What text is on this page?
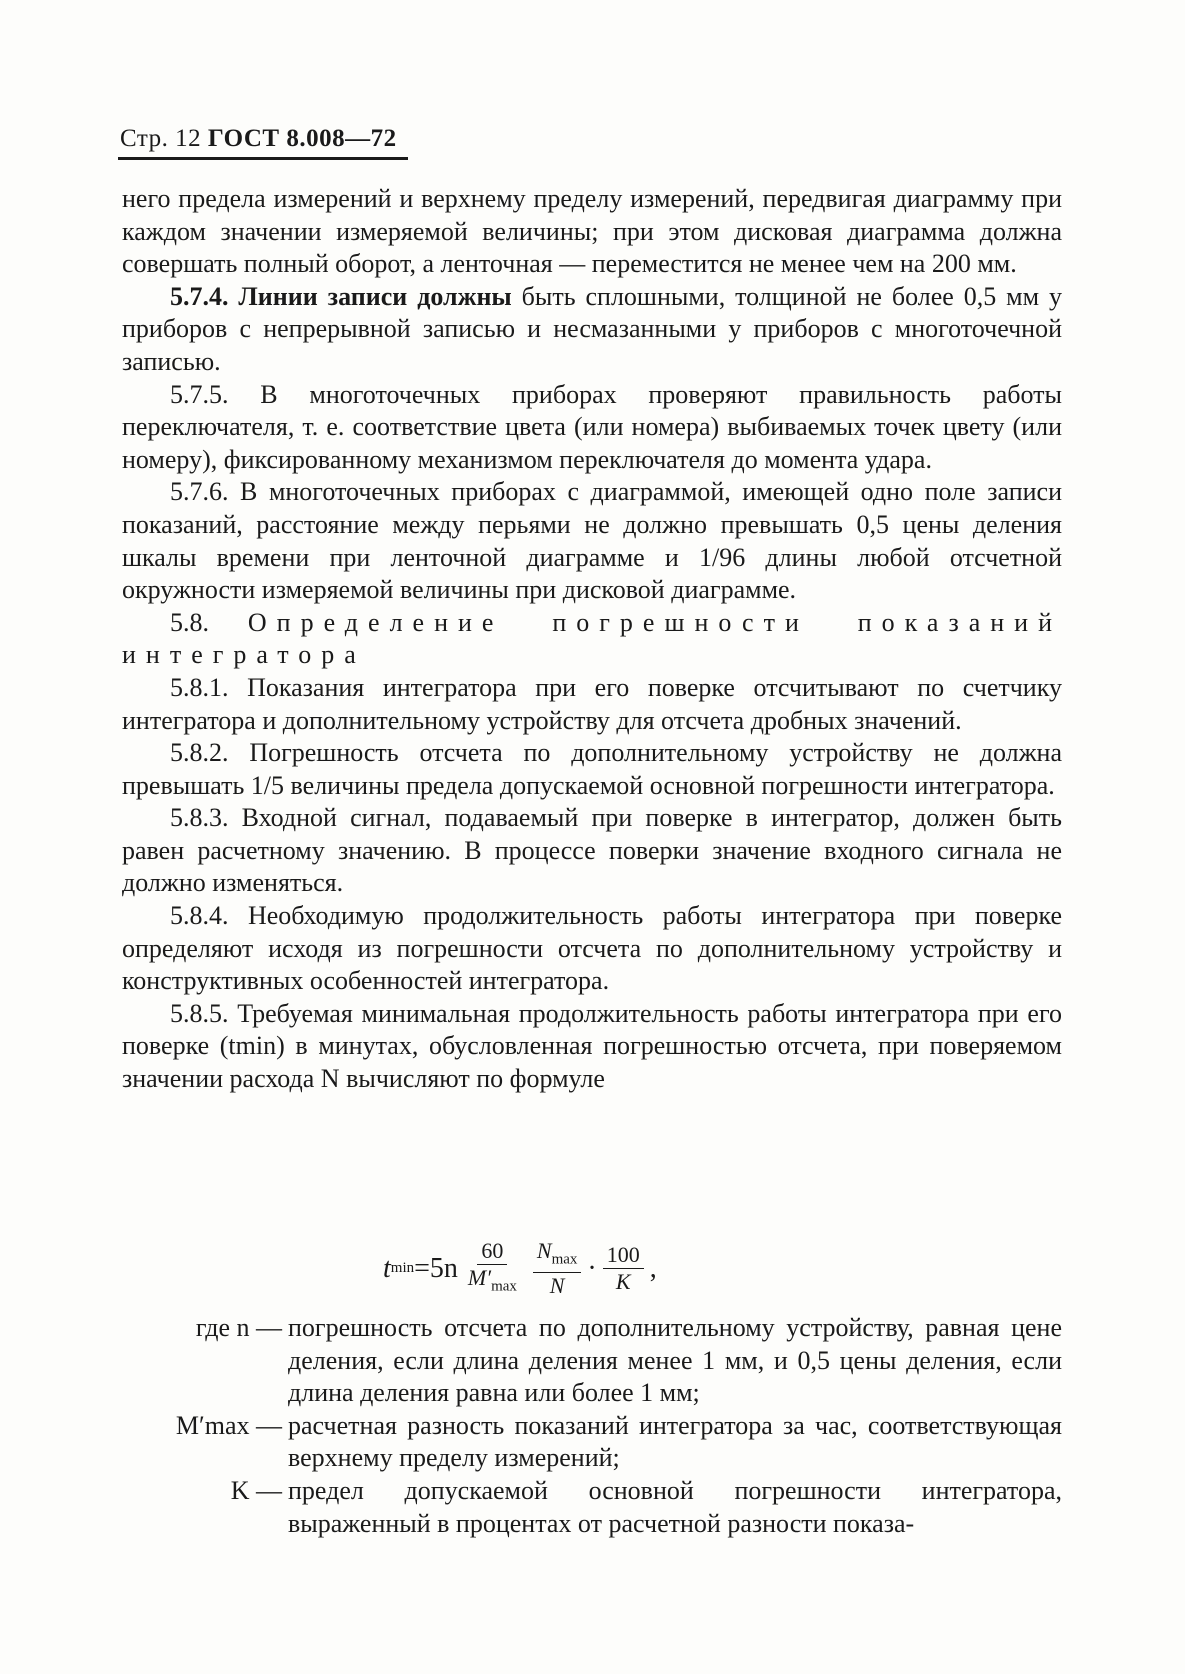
Стр. 12 ГОСТ 8.008—72

него предела измерений и верхнему пределу измерений, передвигая диаграмму при каждом значении измеряемой величины; при этом дисковая диаграмма должна совершать полный оборот, а ленточная — переместится не менее чем на 200 мм.

5.7.4. Линии записи должны быть сплошными, толщиной не более 0,5 мм у приборов с непрерывной записью и несмазанными у приборов с многоточечной записью.

5.7.5. В многоточечных приборах проверяют правильность работы переключателя, т. е. соответствие цвета (или номера) выбиваемых точек цвету (или номеру), фиксированному механизмом переключателя до момента удара.

5.7.6. В многоточечных приборах с диаграммой, имеющей одно поле записи показаний, расстояние между перьями не должно превышать 0,5 цены деления шкалы времени при ленточной диаграмме и 1/96 длины любой отсчетной окружности измеряемой величины при дисковой диаграмме.

5.8. Определение погрешности показаний интегратора

5.8.1. Показания интегратора при его поверке отсчитывают по счетчику интегратора и дополнительному устройству для отсчета дробных значений.

5.8.2. Погрешность отсчета по дополнительному устройству не должна превышать 1/5 величины предела допускаемой основной погрешности интегратора.

5.8.3. Входной сигнал, подаваемый при поверке в интегратор, должен быть равен расчетному значению. В процессе поверки значение входного сигнала не должно изменяться.

5.8.4. Необходимую продолжительность работы интегратора при поверке определяют исходя из погрешности отсчета по дополнительному устройству и конструктивных особенностей интегратора.

5.8.5. Требуемая минимальная продолжительность работы интегратора при его поверке (tmin) в минутах, обусловленная погрешностью отсчета, при поверяемом значении расхода N вычисляют по формуле

t $\min =5n \frac{60}{M'_{max}} \frac{N_{max}}{N} \cdot \frac{100}{K}$ ,
где n — погрешность отсчета по дополнительному устройству, равная цене деления, если длина деления менее 1 мм, и 0,5 цены деления, если длина деления равна или более 1 мм;
M′max — расчетная разность показаний интегратора за час, соответствующая верхнему пределу измерений;
K — предел допускаемой основной погрешности интегратора, выраженный в процентах от расчетной разности показа-
